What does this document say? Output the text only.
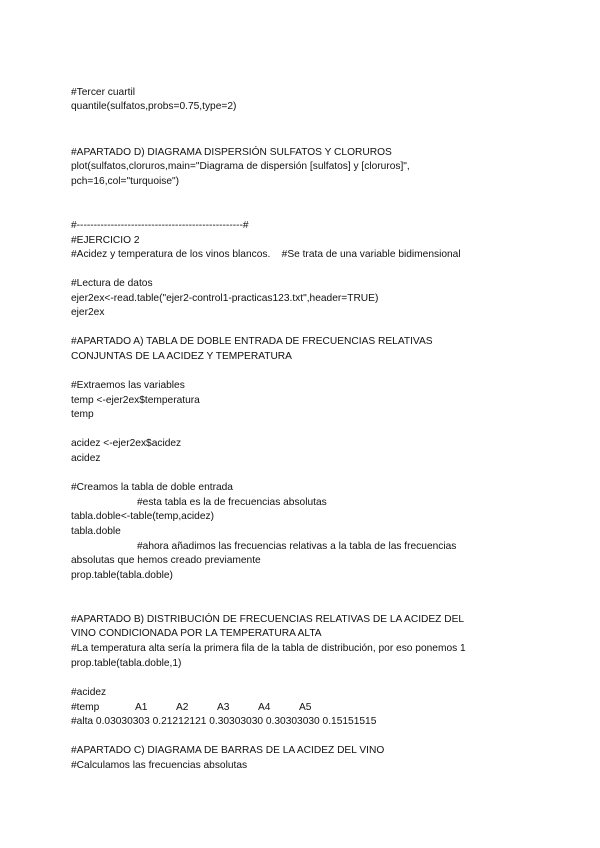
#Tercer cuartil
quantile(sulfatos,probs=0.75,type=2)
#APARTADO D) DIAGRAMA DISPERSIÓN SULFATOS Y CLORUROS
plot(sulfatos,cloruros,main="Diagrama de dispersión [sulfatos] y [cloruros]",
pch=16,col="turquoise")
#-------------------------------------------------#
#EJERCICIO 2
#Acidez y temperatura de los vinos blancos.    #Se trata de una variable bidimensional
#Lectura de datos
ejer2ex<-read.table("ejer2-control1-practicas123.txt",header=TRUE)
ejer2ex
#APARTADO A) TABLA DE DOBLE ENTRADA DE FRECUENCIAS RELATIVAS
CONJUNTAS DE LA ACIDEZ Y TEMPERATURA
#Extraemos las variables
temp <-ejer2ex$temperatura
temp
acidez <-ejer2ex$acidez
acidez
#Creamos la tabla de doble entrada
#esta tabla es la de frecuencias absolutas
tabla.doble<-table(temp,acidez)
tabla.doble
#ahora añadimos las frecuencias relativas a la tabla de las frecuencias
absolutas que hemos creado previamente
prop.table(tabla.doble)
#APARTADO B) DISTRIBUCIÓN DE FRECUENCIAS RELATIVAS DE LA ACIDEZ DEL
VINO CONDICIONADA POR LA TEMPERATURA ALTA
#La temperatura alta sería la primera fila de la tabla de distribución, por eso ponemos 1
prop.table(tabla.doble,1)
#acidez
#temp	A1	A2	A3	A4	A5
#alta 0.03030303 0.21212121 0.30303030 0.30303030 0.15151515
#APARTADO C) DIAGRAMA DE BARRAS DE LA ACIDEZ DEL VINO
#Calculamos las frecuencias absolutas
